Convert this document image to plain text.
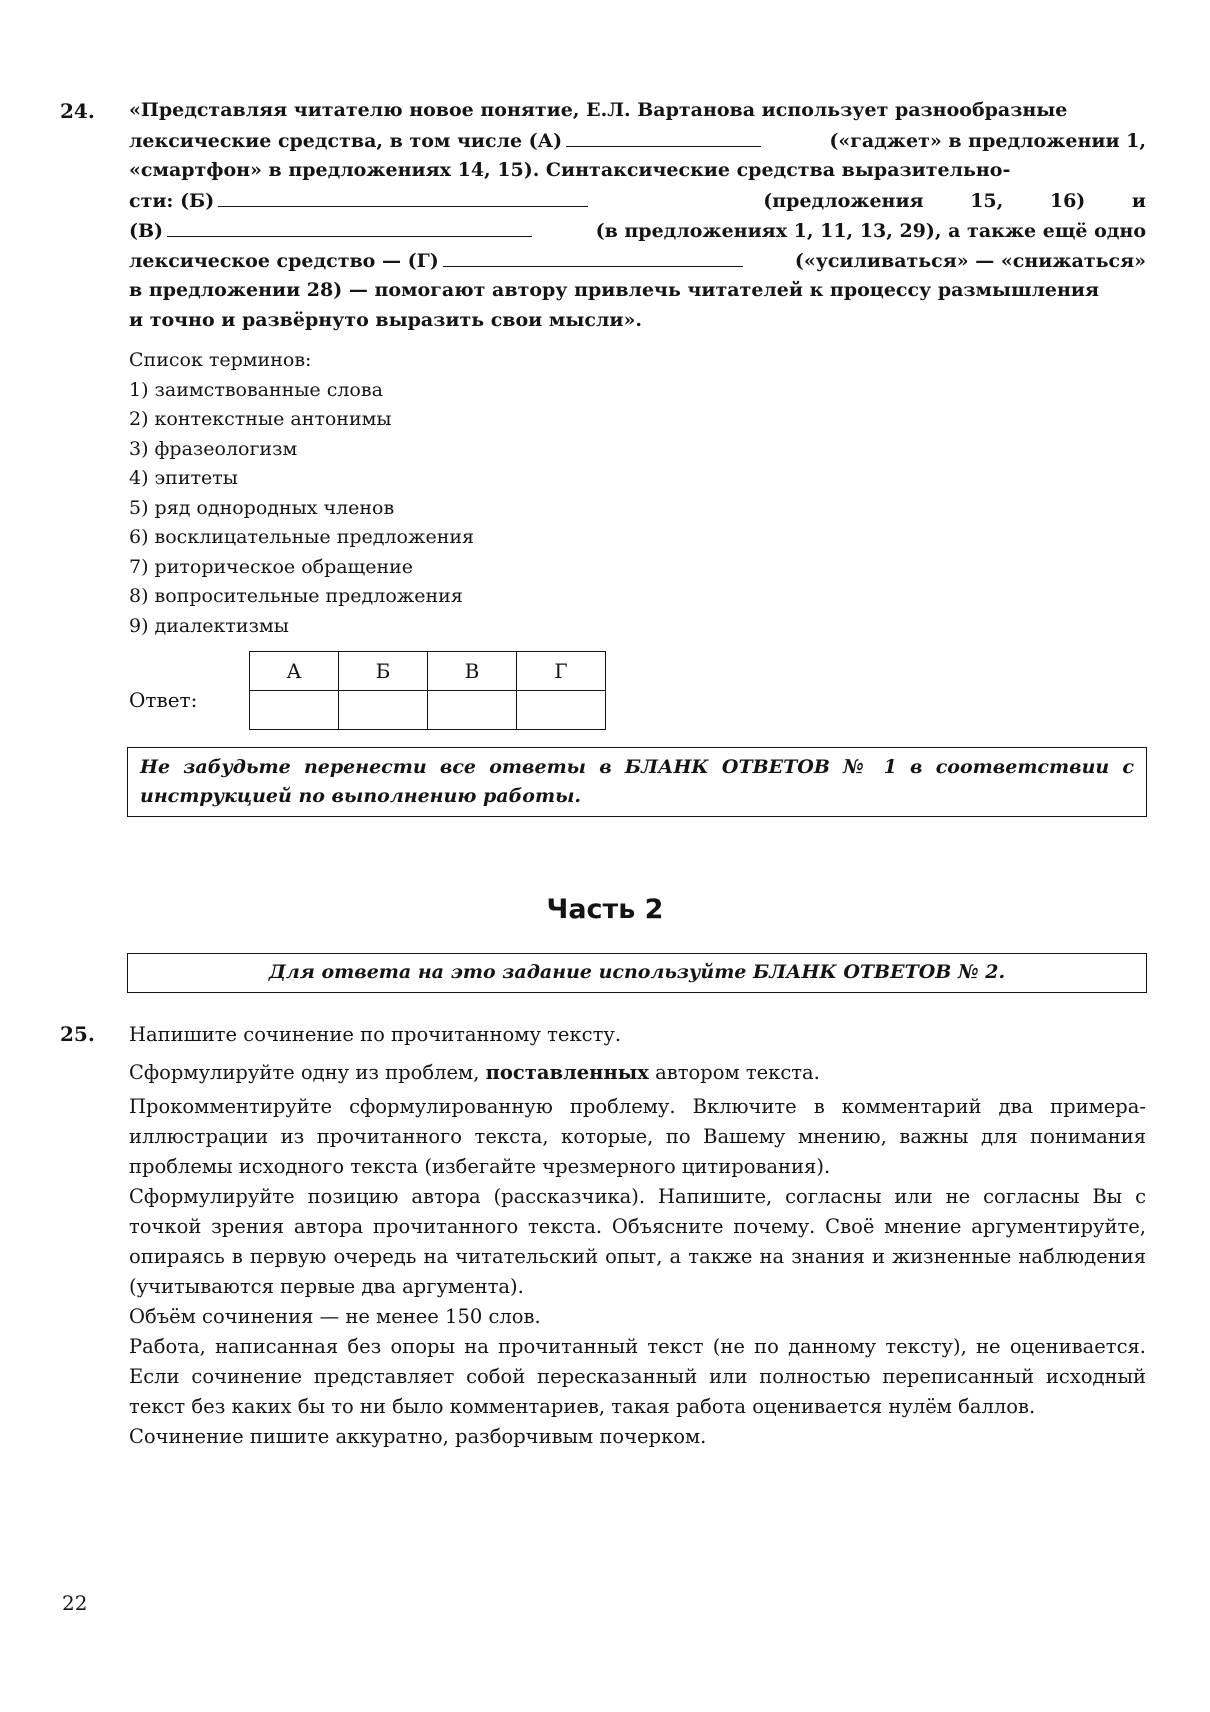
24. «Представляя читателю новое понятие, Е.Л. Вартанова использует разнообразные
лексические средства, в том числе (А)	(«гаджет» в предложении 1,
«смартфон» в предложениях 14, 15). Синтаксические средства выразительно-
сти: (Б)	(предложения 15, 16) и
(В)	(в предложениях 1, 11, 13, 29), а также ещё одно
лексическое средство — (Г)	(«усиливаться» — «снижаться»
в предложении 28) — помогают автору привлечь читателей к процессу размышления
и точно и развёрнуто выразить свои мысли».
Список терминов:
1) заимствованные слова
2) контекстные антонимы
3) фразеологизм
4) эпитеты
5) ряд однородных членов
6) восклицательные предложения
7) риторическое обращение
8) вопросительные предложения
9) диалектизмы
Ответ:
А	Б	В	Г

Не забудьте перенести все ответы в БЛАНК ОТВЕТОВ № 1 в соответствии с инструкцией по выполнению работы.
Часть 2
Для ответа на это задание используйте БЛАНК ОТВЕТОВ № 2.
25. Напишите сочинение по прочитанному тексту.

Сформулируйте одну из проблем, поставленных автором текста.

Прокомментируйте сформулированную проблему. Включите в комментарий два примера-иллюстрации из прочитанного текста, которые, по Вашему мнению, важны для понимания проблемы исходного текста (избегайте чрезмерного цитирования).

Сформулируйте позицию автора (рассказчика). Напишите, согласны или не согласны Вы с точкой зрения автора прочитанного текста. Объясните почему. Своё мнение аргументируйте, опираясь в первую очередь на читательский опыт, а также на знания и жизненные наблюдения (учитываются первые два аргумента).

Объём сочинения — не менее 150 слов.

Работа, написанная без опоры на прочитанный текст (не по данному тексту), не оценивается. Если сочинение представляет собой пересказанный или полностью переписанный исходный текст без каких бы то ни было комментариев, такая работа оценивается нулём баллов.

Сочинение пишите аккуратно, разборчивым почерком.

22
